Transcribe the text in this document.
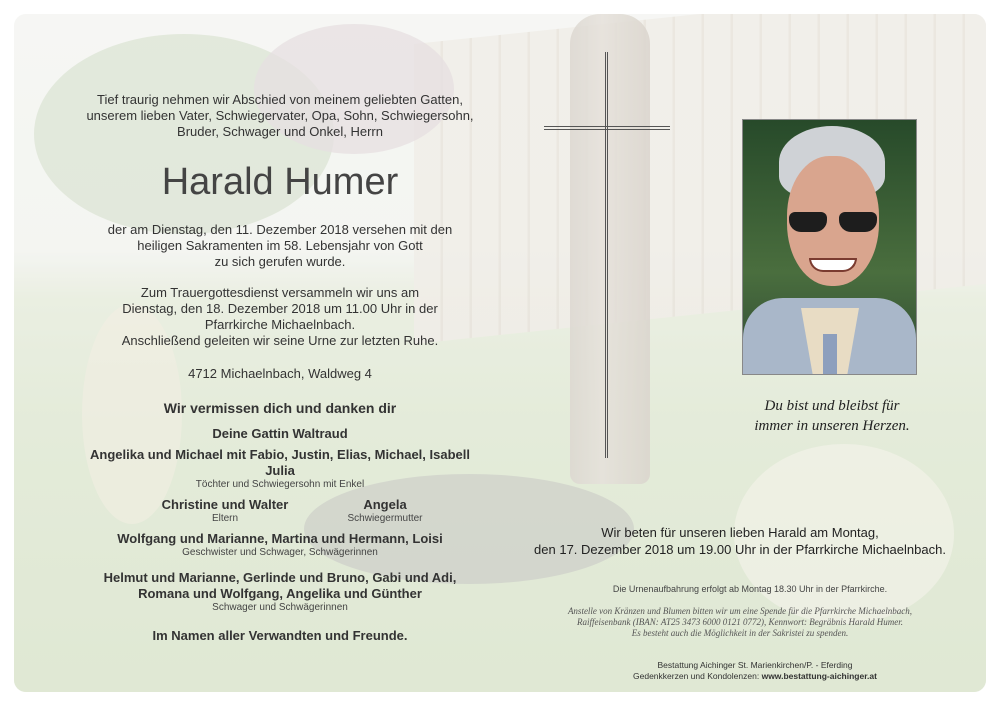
Tief traurig nehmen wir Abschied von meinem geliebten Gatten,
unserem lieben Vater, Schwiegervater, Opa, Sohn, Schwiegersohn,
Bruder, Schwager und Onkel, Herrn
Harald Humer
der am Dienstag, den 11. Dezember 2018 versehen mit den
heiligen Sakramenten im 58. Lebensjahr von Gott
zu sich gerufen wurde.
Zum Trauergottesdienst versammeln wir uns am
Dienstag, den 18. Dezember 2018 um 11.00 Uhr in der
Pfarrkirche Michaelnbach.
Anschließend geleiten wir seine Urne zur letzten Ruhe.
4712 Michaelnbach, Waldweg 4
Wir vermissen dich und danken dir
Deine Gattin Waltraud
Angelika und Michael mit Fabio, Justin, Elias, Michael, Isabell
Julia
Töchter und Schwiegersohn mit Enkel
Christine und Walter
Eltern
Angela
Schwiegermutter
Wolfgang und Marianne, Martina und Hermann, Loisi
Geschwister und Schwager, Schwägerinnen
Helmut und Marianne, Gerlinde und Bruno, Gabi und Adi,
Romana und Wolfgang, Angelika und Günther
Schwager und Schwägerinnen
Im Namen aller Verwandten und Freunde.
Du bist und bleibst für
immer in unseren Herzen.
Wir beten für unseren lieben Harald am Montag,
den 17. Dezember 2018 um 19.00 Uhr in der Pfarrkirche Michaelnbach.
Die Urnenaufbahrung erfolgt ab Montag 18.30 Uhr in der Pfarrkirche.
Anstelle von Kränzen und Blumen bitten wir um eine Spende für die Pfarrkirche Michaelnbach,
Raiffeisenbank (IBAN: AT25 3473 6000 0121 0772), Kennwort: Begräbnis Harald Humer.
Es besteht auch die Möglichkeit in der Sakristei zu spenden.
Bestattung Aichinger St. Marienkirchen/P. - Eferding
Gedenkkerzen und Kondolenzen: www.bestattung-aichinger.at
